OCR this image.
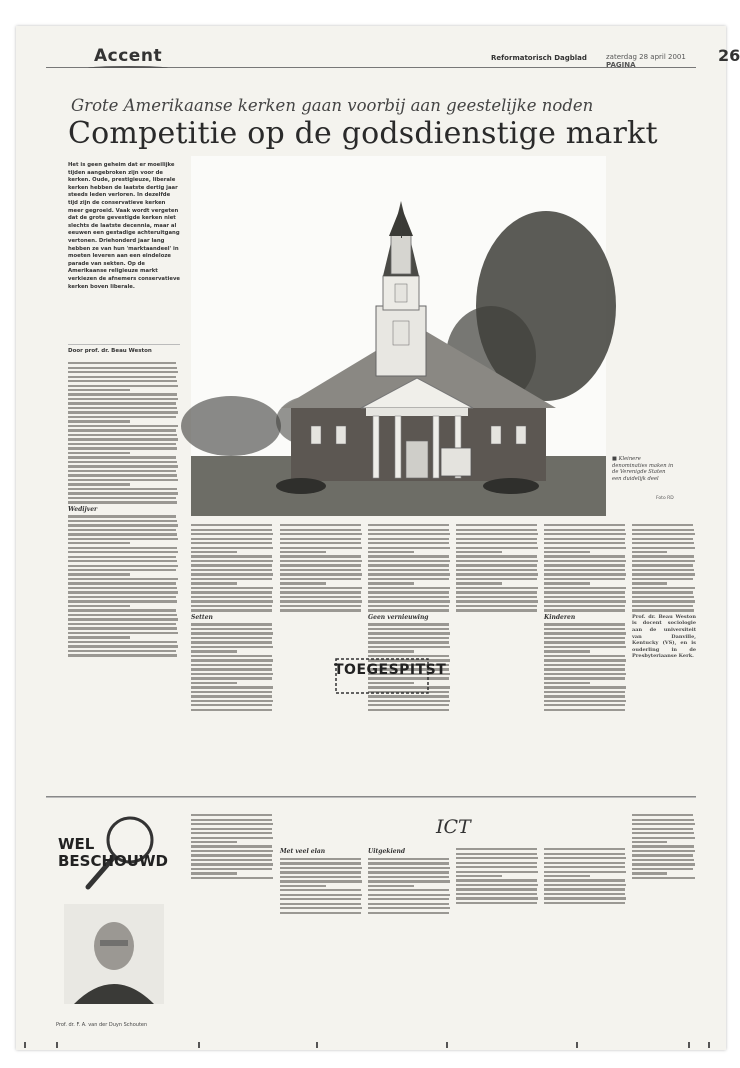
Accent	Reformatorisch Dagblad	zaterdag 28 april 2001 PAGINA	26
Grote Amerikaanse kerken gaan voorbij aan geestelijke noden
Competitie op de godsdienstige markt
Het is geen geheim dat er moeilijke tijden aangebroken zijn voor de kerken. Oude, prestigieuze, liberale kerken hebben de laatste dertig jaar steeds leden verloren. In dezelfde tijd zijn de conservatieve kerken meer gegroeid. Vaak wordt vergeten dat de grote gevestigde kerken niet slechts de laatste decennia, maar al eeuwen een gestadige achteruitgang vertonen. Driehonderd jaar lang hebben ze van hun 'marktaandeel' in moeten leveren aan een eindeloze parade van sekten. Op de Amerikaanse religieuze markt verkiezen de afnemers conservatieve kerken boven liberale.
Door prof. dr. Beau Weston
Wedijver
■ Kleinere denominaties maken in de Verenigde Staten een duidelijk deel
Foto RD
Setten	Geen vernieuwing	Kinderen	Prof. dr. Beau Weston is docent sociologie aan de universiteit van Danville, Kentucky (VS), en is ouderling in de Presbyteriaanse Kerk.
TOEGESPITST
WEL BESCHOUWD
Prof. dr. F. A. van der Duyn Schouten
Met veel elan
ICT
Uitgekiend
